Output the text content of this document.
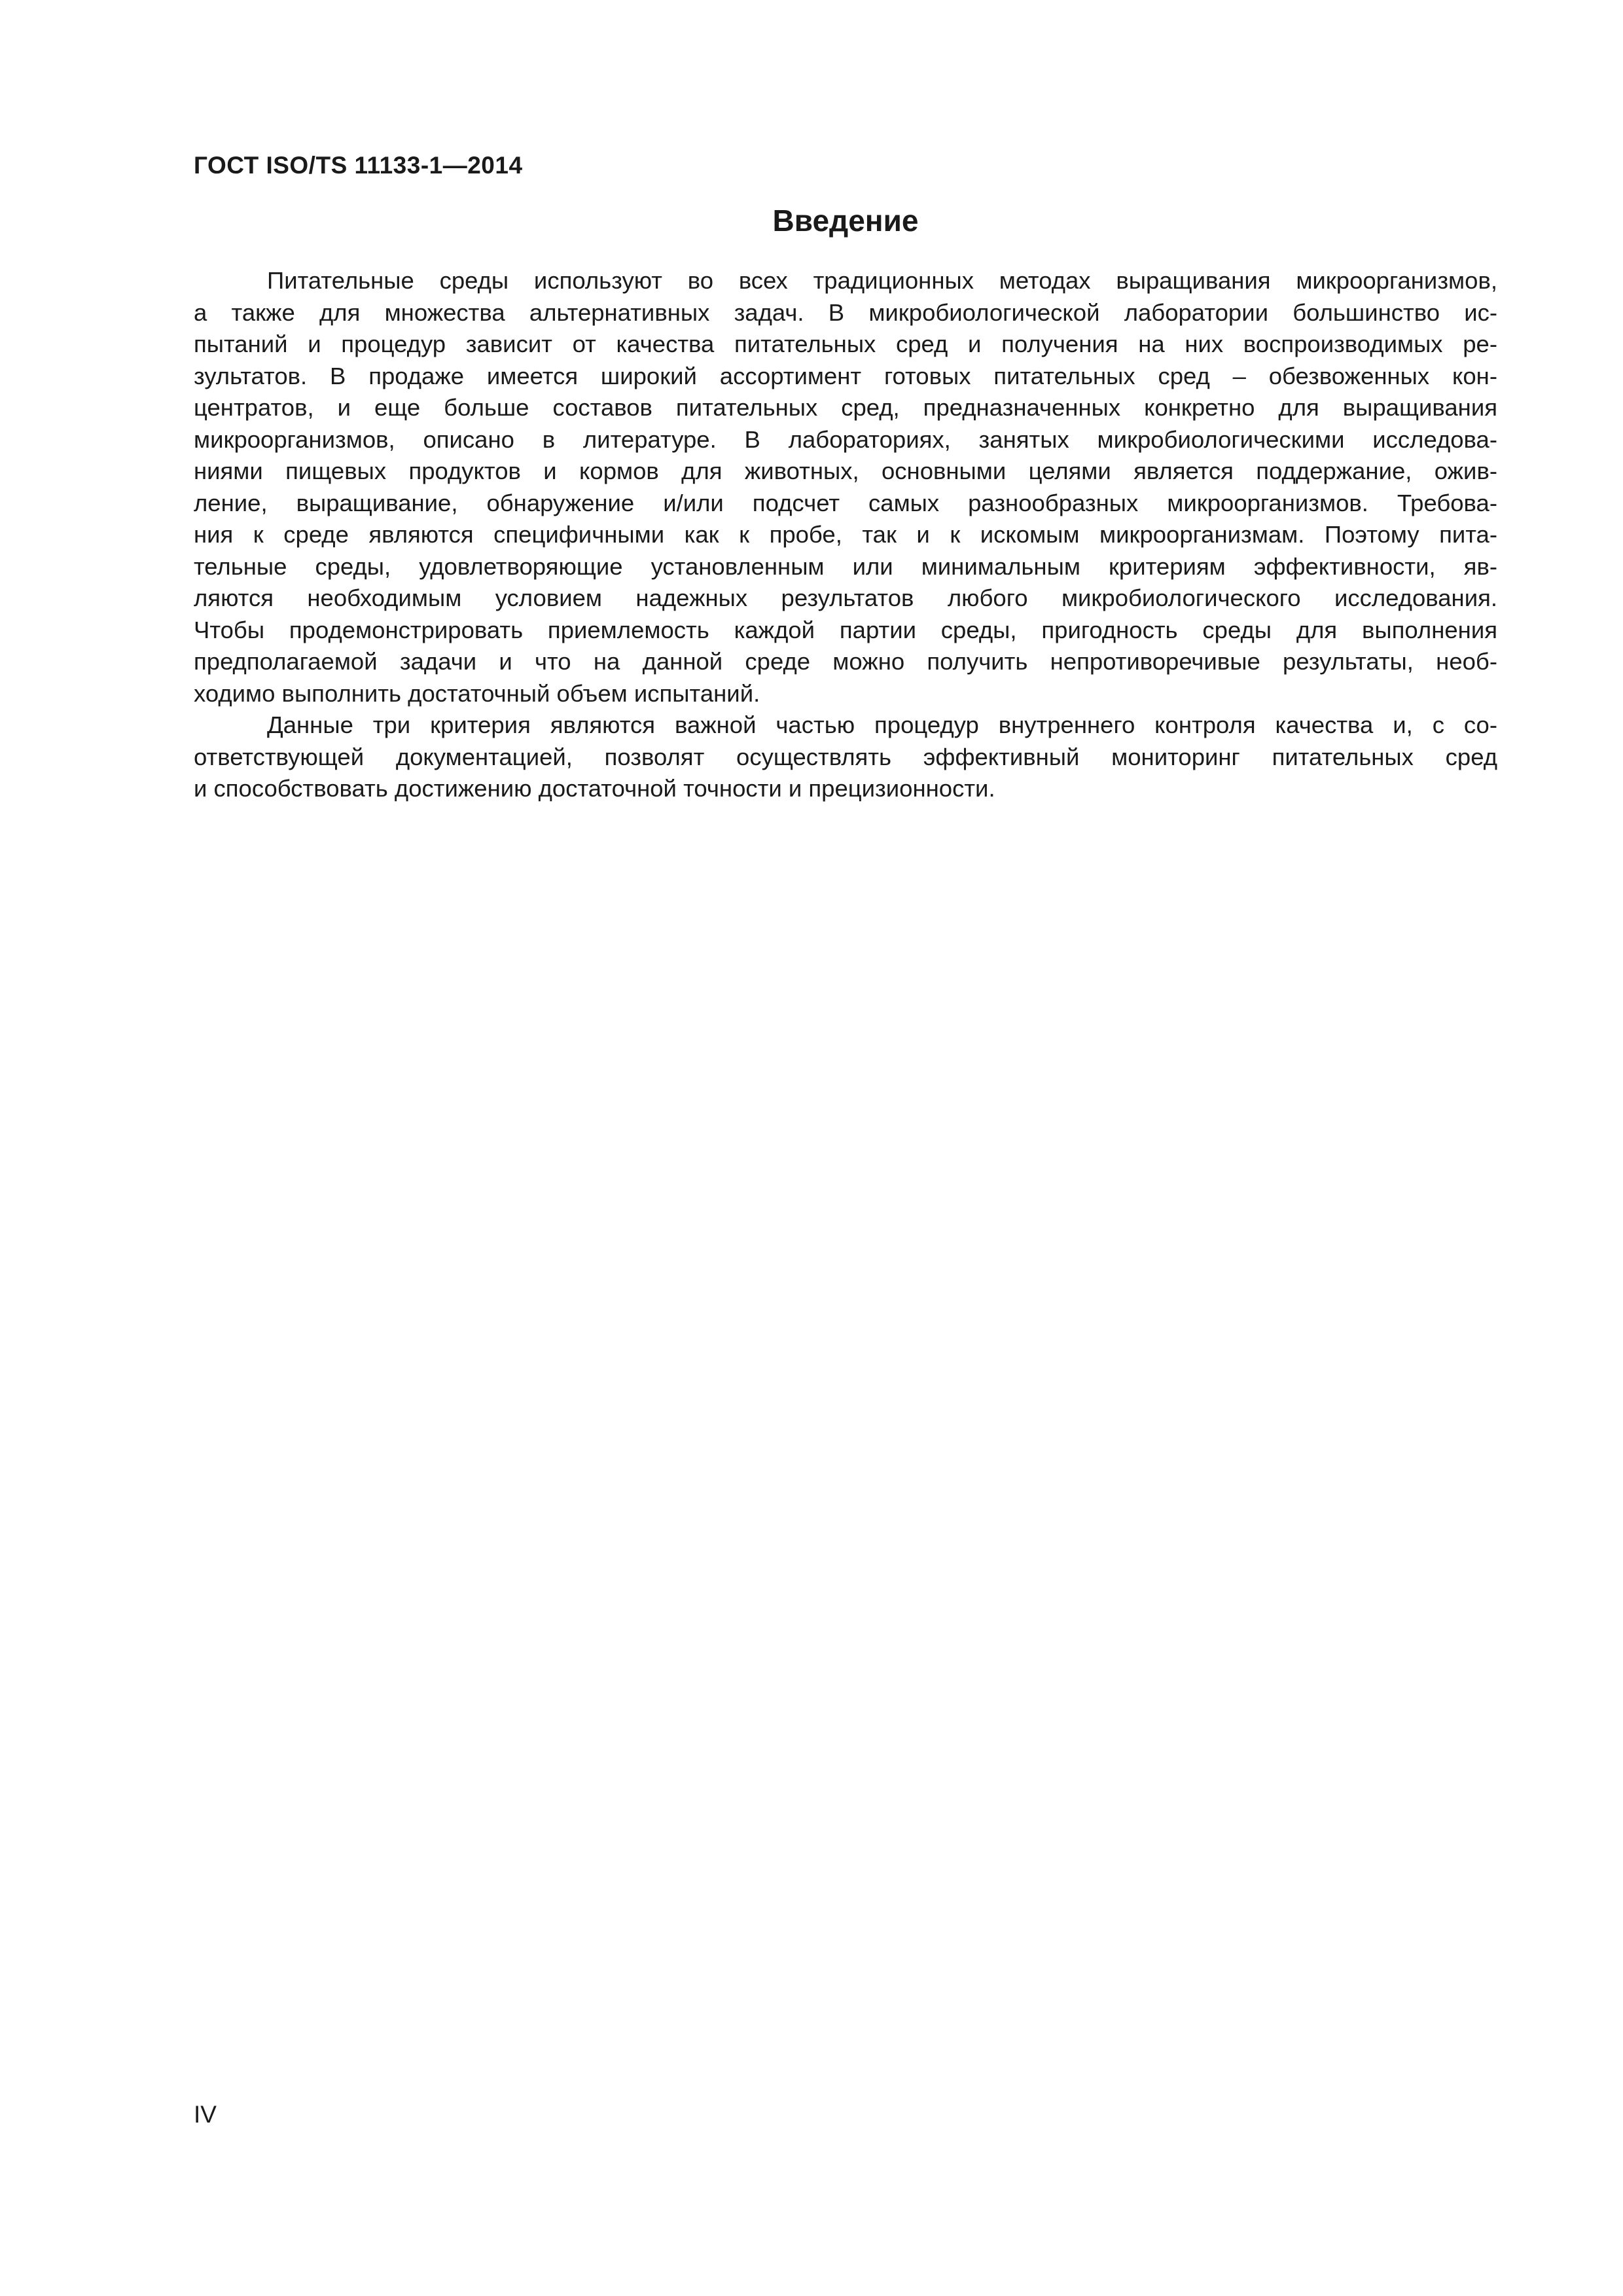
ГОСТ ISO/TS 11133-1—2014
Введение
Питательные среды используют во всех традиционных методах выращивания микроорганизмов,
а также для множества альтернативных задач. В микробиологической лаборатории большинство ис-
пытаний и процедур зависит от качества питательных сред и получения на них воспроизводимых ре-
зультатов. В продаже имеется широкий ассортимент готовых питательных сред – обезвоженных кон-
центратов, и еще больше составов питательных сред, предназначенных конкретно для выращивания
микроорганизмов, описано в литературе. В лабораториях, занятых микробиологическими исследова-
ниями пищевых продуктов и кормов для животных, основными целями является поддержание, ожив-
ление, выращивание, обнаружение и/или подсчет самых разнообразных микроорганизмов. Требова-
ния к среде являются специфичными как к пробе, так и к искомым микроорганизмам. Поэтому пита-
тельные среды, удовлетворяющие установленным или минимальным критериям эффективности, яв-
ляются необходимым условием надежных результатов любого микробиологического исследования.
Чтобы продемонстрировать приемлемость каждой партии среды, пригодность среды для выполнения
предполагаемой задачи и что на данной среде можно получить непротиворечивые результаты, необ-
ходимо выполнить достаточный объем испытаний.
Данные три критерия являются важной частью процедур внутреннего контроля качества и, с со-
ответствующей документацией, позволят осуществлять эффективный мониторинг питательных сред
и способствовать достижению достаточной точности и прецизионности.
IV
